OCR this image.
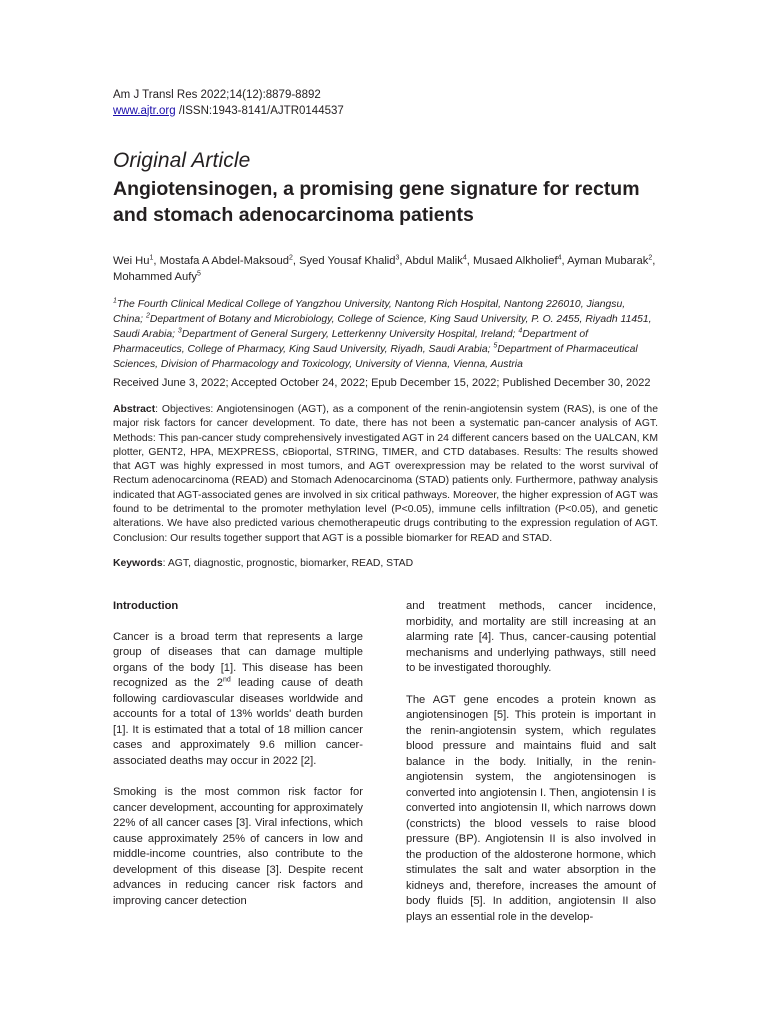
Am J Transl Res 2022;14(12):8879-8892
www.ajtr.org /ISSN:1943-8141/AJTR0144537
Original Article
Angiotensinogen, a promising gene signature for rectum and stomach adenocarcinoma patients
Wei Hu$^1$, Mostafa A Abdel-Maksoud$^2$, Syed Yousaf Khalid$^3$, Abdul Malik$^4$, Musaed Alkholief$^4$, Ayman Mubarak$^2$, Mohammed Aufy$^5$
$^1$The Fourth Clinical Medical College of Yangzhou University, Nantong Rich Hospital, Nantong 226010, Jiangsu, China; $^2$Department of Botany and Microbiology, College of Science, King Saud University, P. O. 2455, Riyadh 11451, Saudi Arabia; $^3$Department of General Surgery, Letterkenny University Hospital, Ireland; $^4$Department of Pharmaceutics, College of Pharmacy, King Saud University, Riyadh, Saudi Arabia; $^5$Department of Pharmaceutical Sciences, Division of Pharmacology and Toxicology, University of Vienna, Vienna, Austria
Received June 3, 2022; Accepted October 24, 2022; Epub December 15, 2022; Published December 30, 2022
Abstract: Objectives: Angiotensinogen (AGT), as a component of the renin-angiotensin system (RAS), is one of the major risk factors for cancer development. To date, there has not been a systematic pan-cancer analysis of AGT. Methods: This pan-cancer study comprehensively investigated AGT in 24 different cancers based on the UALCAN, KM plotter, GENT2, HPA, MEXPRESS, cBioportal, STRING, TIMER, and CTD databases. Results: The results showed that AGT was highly expressed in most tumors, and AGT overexpression may be related to the worst survival of Rectum adenocarcinoma (READ) and Stomach Adenocarcinoma (STAD) patients only. Furthermore, pathway analysis indicated that AGT-associated genes are involved in six critical pathways. Moreover, the higher expression of AGT was found to be detrimental to the promoter methylation level (P<0.05), immune cells infiltration (P<0.05), and genetic alterations. We have also predicted various chemotherapeutic drugs contributing to the expression regulation of AGT. Conclusion: Our results together support that AGT is a possible biomarker for READ and STAD.
Keywords: AGT, diagnostic, prognostic, biomarker, READ, STAD
Introduction

Cancer is a broad term that represents a large group of diseases that can damage multiple organs of the body [1]. This disease has been recognized as the 2nd leading cause of death following cardiovascular diseases worldwide and accounts for a total of 13% worlds' death burden [1]. It is estimated that a total of 18 million cancer cases and approximately 9.6 million cancer-associated deaths may occur in 2022 [2].

Smoking is the most common risk factor for cancer development, accounting for approximately 22% of all cancer cases [3]. Viral infections, which cause approximately 25% of cancers in low and middle-income countries, also contribute to the development of this disease [3]. Despite recent advances in reducing cancer risk factors and improving cancer detection

and treatment methods, cancer incidence, morbidity, and mortality are still increasing at an alarming rate [4]. Thus, cancer-causing potential mechanisms and underlying pathways, still need to be investigated thoroughly.

The AGT gene encodes a protein known as angiotensinogen [5]. This protein is important in the renin-angiotensin system, which regulates blood pressure and maintains fluid and salt balance in the body. Initially, in the renin-angiotensin system, the angiotensinogen is converted into angiotensin I. Then, angiotensin I is converted into angiotensin II, which narrows down (constricts) the blood vessels to raise blood pressure (BP). Angiotensin II is also involved in the production of the aldosterone hormone, which stimulates the salt and water absorption in the kidneys and, therefore, increases the amount of body fluids [5]. In addition, angiotensin II also plays an essential role in the develop-
